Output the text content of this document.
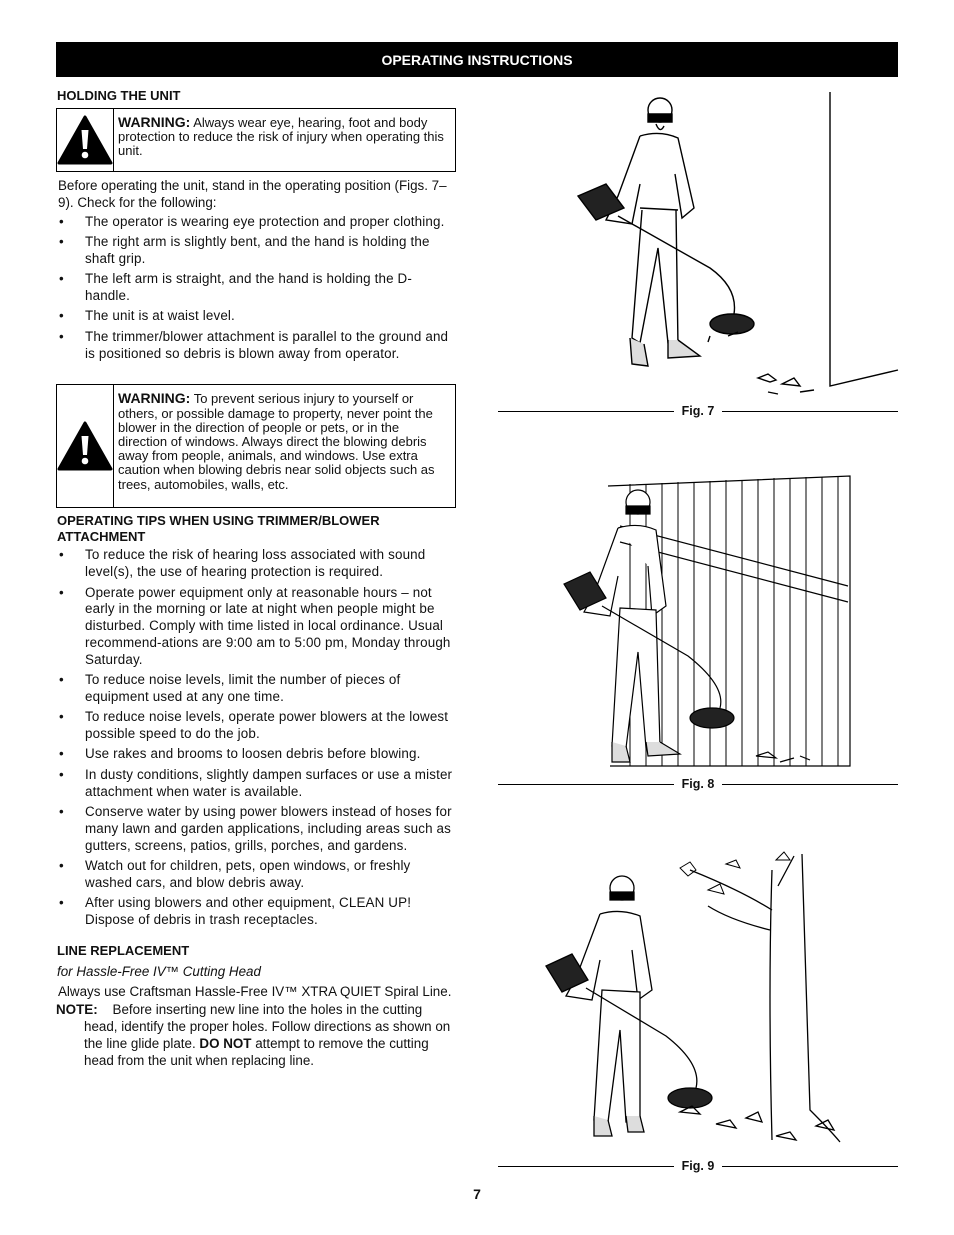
OPERATING INSTRUCTIONS
HOLDING THE UNIT
WARNING: Always wear eye, hearing, foot and body protection to reduce the risk of injury when operating this unit.
Before operating the unit, stand in the operating position (Figs. 7–9). Check for the following:
• The operator is wearing eye protection and proper clothing.
• The right arm is slightly bent, and the hand is holding the shaft grip.
• The left arm is straight, and the hand is holding the D-handle.
• The unit is at waist level.
• The trimmer/blower attachment is parallel to the ground and is positioned so debris is blown away from operator.
WARNING: To prevent serious injury to yourself or others, or possible damage to property, never point the blower in the direction of people or pets, or in the direction of windows. Always direct the blowing debris away from people, animals, and windows. Use extra caution when blowing debris near solid objects such as trees, automobiles, walls, etc.
OPERATING TIPS WHEN USING TRIMMER/BLOWER ATTACHMENT
• To reduce the risk of hearing loss associated with sound level(s), the use of hearing protection is required.
• Operate power equipment only at reasonable hours – not early in the morning or late at night when people might be disturbed. Comply with time listed in local ordinance. Usual recommend-ations are 9:00 am to 5:00 pm, Monday through Saturday.
• To reduce noise levels, limit the number of pieces of equipment used at any one time.
• To reduce noise levels, operate power blowers at the lowest possible speed to do the job.
• Use rakes and brooms to loosen debris before blowing.
• In dusty conditions, slightly dampen surfaces or use a mister attachment when water is available.
• Conserve water by using power blowers instead of hoses for many lawn and garden applications, including areas such as gutters, screens, patios, grills, porches, and gardens.
• Watch out for children, pets, open windows, or freshly washed cars, and blow debris away.
• After using blowers and other equipment, CLEAN UP! Dispose of debris in trash receptacles.
LINE REPLACEMENT
for Hassle-Free IV™ Cutting Head
Always use Craftsman Hassle-Free IV™ XTRA QUIET Spiral Line.
NOTE: Before inserting new line into the holes in the cutting head, identify the proper holes. Follow directions as shown on the line glide plate. DO NOT attempt to remove the cutting head from the unit when replacing line.
Fig. 7
Fig. 8
Fig. 9
7
